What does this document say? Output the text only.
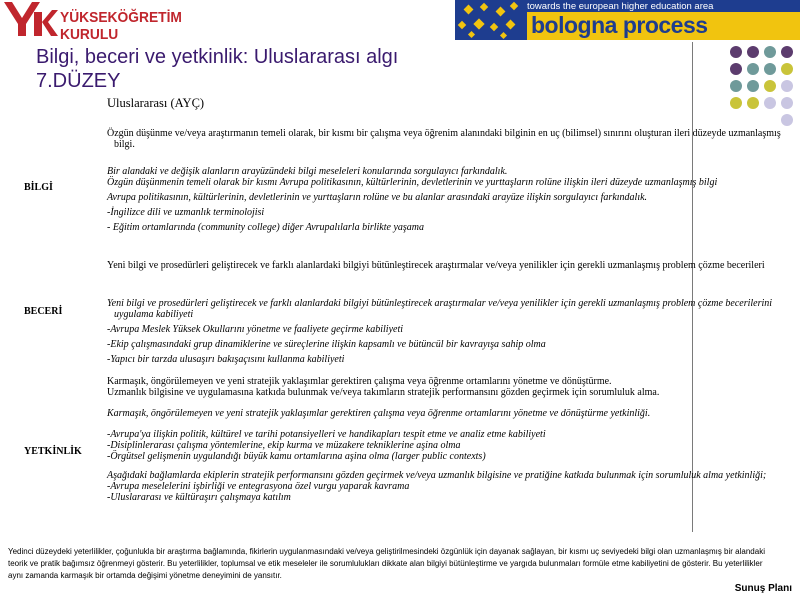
YÜKSEKÖĞRETİM KURULU
towards the european higher education area
bologna process
Bilgi, beceri ve yetkinlik: Uluslararası algı
7.DÜZEY
Uluslararası (AYÇ)
BİLGİ

Özgün düşünme ve/veya araştırmanın temeli olarak, bir kısmı bir çalışma veya öğrenim alanındaki bilginin en uç (bilimsel) sınırını oluşturan ileri düzeyde uzmanlaşmış bilgi.

Bir alandaki ve değişik alanların arayüzündeki bilgi meseleleri konularında sorgulayıcı farkındalık.

Özgün düşünmenin temeli olarak bir kısmı Avrupa politikasının, kültürlerinin, devletlerinin ve yurttaşların rolüne ilişkin ileri düzeyde uzmanlaşmış bilgi

Avrupa politikasının, kültürlerinin, devletlerinin ve yurttaşların rolüne ve bu alanlar arasındaki arayüze ilişkin sorgulayıcı farkındalık.

-İngilizce dili ve uzmanlık terminolojisi

- Eğitim ortamlarında (community college) diğer Avrupalılarla birlikte yaşama

BECERİ

Yeni bilgi ve prosedürleri geliştirecek ve farklı alanlardaki bilgiyi bütünleştirecek araştırmalar ve/veya yenilikler için gerekli uzmanlaşmış problem çözme becerileri

Yeni bilgi ve prosedürleri geliştirecek ve farklı alanlardaki bilgiyi bütünleştirecek araştırmalar ve/veya yenilikler için gerekli uzmanlaşmış problem çözme becerilerini uygulama kabiliyeti

-Avrupa Meslek Yüksek Okullarını yönetme ve faaliyete geçirme kabiliyeti

-Ekip çalışmasındaki grup dinamiklerine ve süreçlerine ilişkin kapsamlı ve bütüncül bir kavrayışa sahip olma

-Yapıcı bir tarzda ulusaşırı bakışaçısını kullanma kabiliyeti

YETKİNLİK

Karmaşık, öngörülemeyen ve yeni stratejik yaklaşımlar gerektiren çalışma veya öğrenme ortamlarını yönetme ve dönüştürme.

Uzmanlık bilgisine ve uygulamasına katkıda bulunmak ve/veya takımların stratejik performansını gözden geçirmek için sorumluluk alma.

Karmaşık, öngörülemeyen ve yeni stratejik yaklaşımlar gerektiren çalışma veya öğrenme ortamlarını yönetme ve dönüştürme yetkinliği.

-Avrupa'ya ilişkin politik, kültürel ve tarihi potansiyelleri ve handikapları tespit etme ve analiz etme kabiliyeti

-Disiplinlerarası çalışma yöntemlerine, ekip kurma ve müzakere tekniklerine aşina olma

-Örgütsel gelişmenin uygulandığı büyük kamu ortamlarına aşina olma (larger public contexts)

Aşağıdaki bağlamlarda ekiplerin stratejik performansını gözden geçirmek ve/veya uzmanlık bilgisine ve pratiğine katkıda bulunmak için sorumluluk alma yetkinliği;

-Avrupa meselelerini işbirliği ve entegrasyona özel vurgu yaparak kavrama

-Uluslararası ve kültüraşırı çalışmaya katılım

Yedinci düzeydeki yeterlilikler, çoğunlukla bir araştırma bağlamında, fikirlerin uygulanmasındaki ve/veya geliştirilmesindeki özgünlük için dayanak sağlayan, bir kısmı uç seviyedeki bilgi olan uzmanlaşmış bir alandaki teorik ve pratik bağımsız öğrenmeyi gösterir. Bu yeterlilikler, toplumsal ve etik meseleler ile sorumlulukları dikkate alan bilgiyi bütünleştirme ve yargıda bulunmaları formüle etme kabiliyetini de gösterir. Bu yeterlilikler aynı zamanda karmaşık bir ortamda değişimi yönetme deneyimini de yansıtır.
Sunuş Planı
